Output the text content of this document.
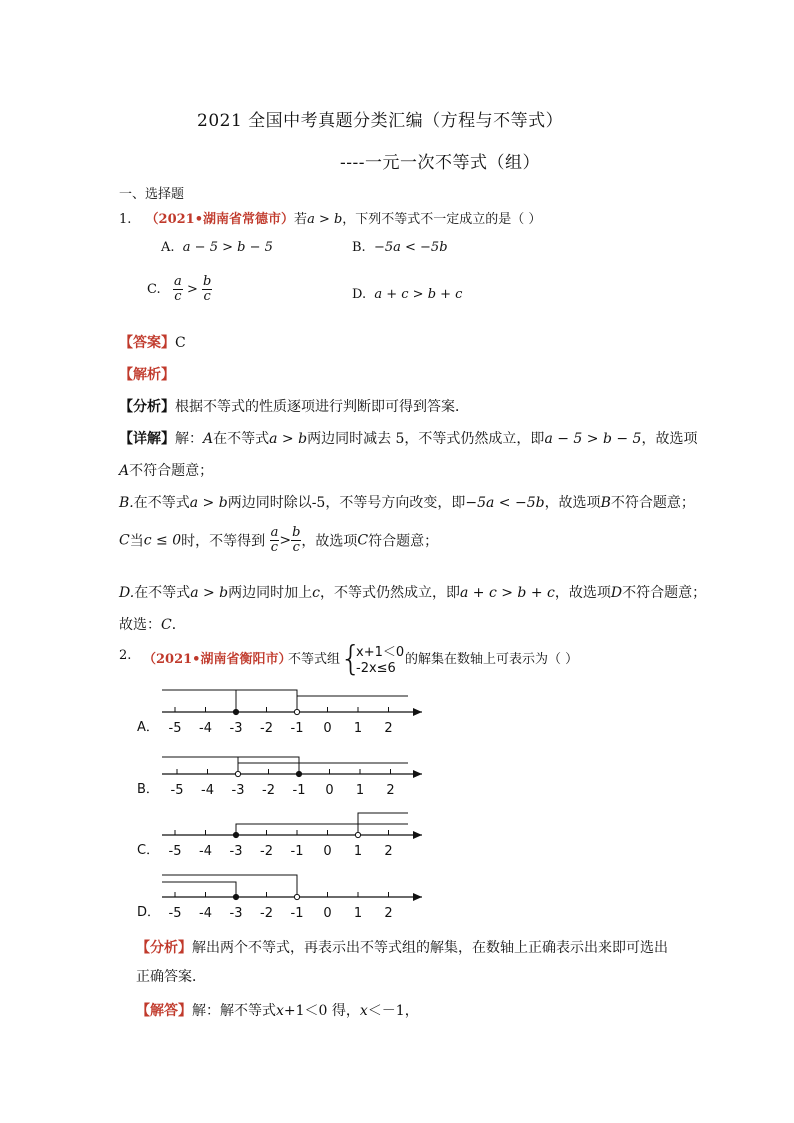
2021 全国中考真题分类汇编（方程与不等式）
----一元一次不等式（组）
一、选择题
1. （2021•湖南省常德市）若a > b，下列不等式不一定成立的是（ ）
A. a − 5 > b − 5	B. −5a < −5b
C. $\frac{a}{c} > \frac{b}{c}$	D. a + c > b + c
【答案】C
【解析】
【分析】根据不等式的性质逐项进行判断即可得到答案．
【详解】解：A在不等式a > b两边同时减去 5，不等式仍然成立，即a − 5 > b − 5，故选项
A不符合题意；
B.在不等式a > b两边同时除以-5，不等号方向改变，即−5a < −5b，故选项B不符合题意；
C当c ≤ 0时，不等得到 $\frac{a}{c} > \frac{b}{c}$ ，故选项C符合题意；
D.在不等式a > b两边同时加上c，不等式仍然成立，即a + c > b + c，故选项D不符合题意；
故选：C．
2. （2021•湖南省衡阳市）
不等式组 {
x+1＜0
-2x≤6
的解集在数轴上可表示为（ ）
A． -5 -4 -3 -2 -1 0 1 2
B． -5 -4 -3 -2 -1 0 1 2
C． -5 -4 -3 -2 -1 0 1 2
D． -5 -4 -3 -2 -1 0 1 2
【分析】解出两个不等式，再表示出不等式组的解集，在数轴上正确表示出来即可选出
正确答案．
【解答】解：解不等式x+1＜0 得，x＜－1，
